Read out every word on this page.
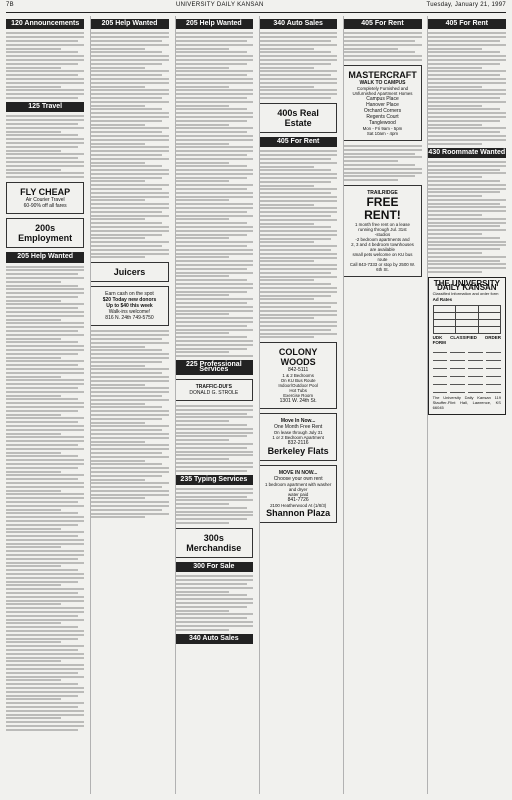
7B	UNIVERSITY DAILY KANSAN	Tuesday, January 21, 1997
120 Announcements
125 Travel
FLY CHEAP
Air Courier Travel
60-90% off all fares
200s Employment
205 Help Wanted
205 Help Wanted
Juicers
Earn cash on the spot
$20 Today new donors
Up to $40 this week
Walk-ins welcome!
816 N. 24th 749-5750
205 Help Wanted
225 Professional Services
TRAFFIC-DUI'S
DONALD G. STROLE
235 Typing Services
300s Merchandise
300 For Sale
340 Auto Sales
340 Auto Sales
400s Real Estate
405 For Rent
COLONY WOODS
842-5111
1 & 2 Bedrooms
On KU Bus Route
Indoor/Outdoor Pool
Hot Tubs
Exercise Room
1301 W. 24th St.
Move In Now...
One Month Free Rent
On lease through July 31
1 or 2 Bedroom Apartment
832-2116
Berkeley Flats
MOVE IN NOW...
Choose your own rent
1 bedroom apartment with washer and dryer
water paid
841-7726
2100 Heatherwood At (1/8/3)
Shannon Plaza
405 For Rent
MASTERCRAFT
WALK TO CAMPUS
Completely Furnished and Unfurnished Apartment Homes
Campus Place
Hanover Place
Orchard Corners
Regents Court
Tanglewood
Mon - Fri 9am - 5pm
Sat 10am - 4pm
TRAILRIDGE
FREE RENT!
1 month free rent on a lease running through Jul. 31st
-studios
-2 bedroom apartments and
2, 3 and 4 bedroom townhouses are available
small pets welcome on KU bus route
Call 843-7333 or stop by 2500 W. 6th St.
405 For Rent
430 Roommate Wanted
THE UNIVERSITY DAILY KANSAN
Classified Information and order form
Ad Rates

UDK CLASSIFIED ORDER FORM
The University Daily Kansan 119 Stauffer-Flint Hall, Lawrence, KS 66045
